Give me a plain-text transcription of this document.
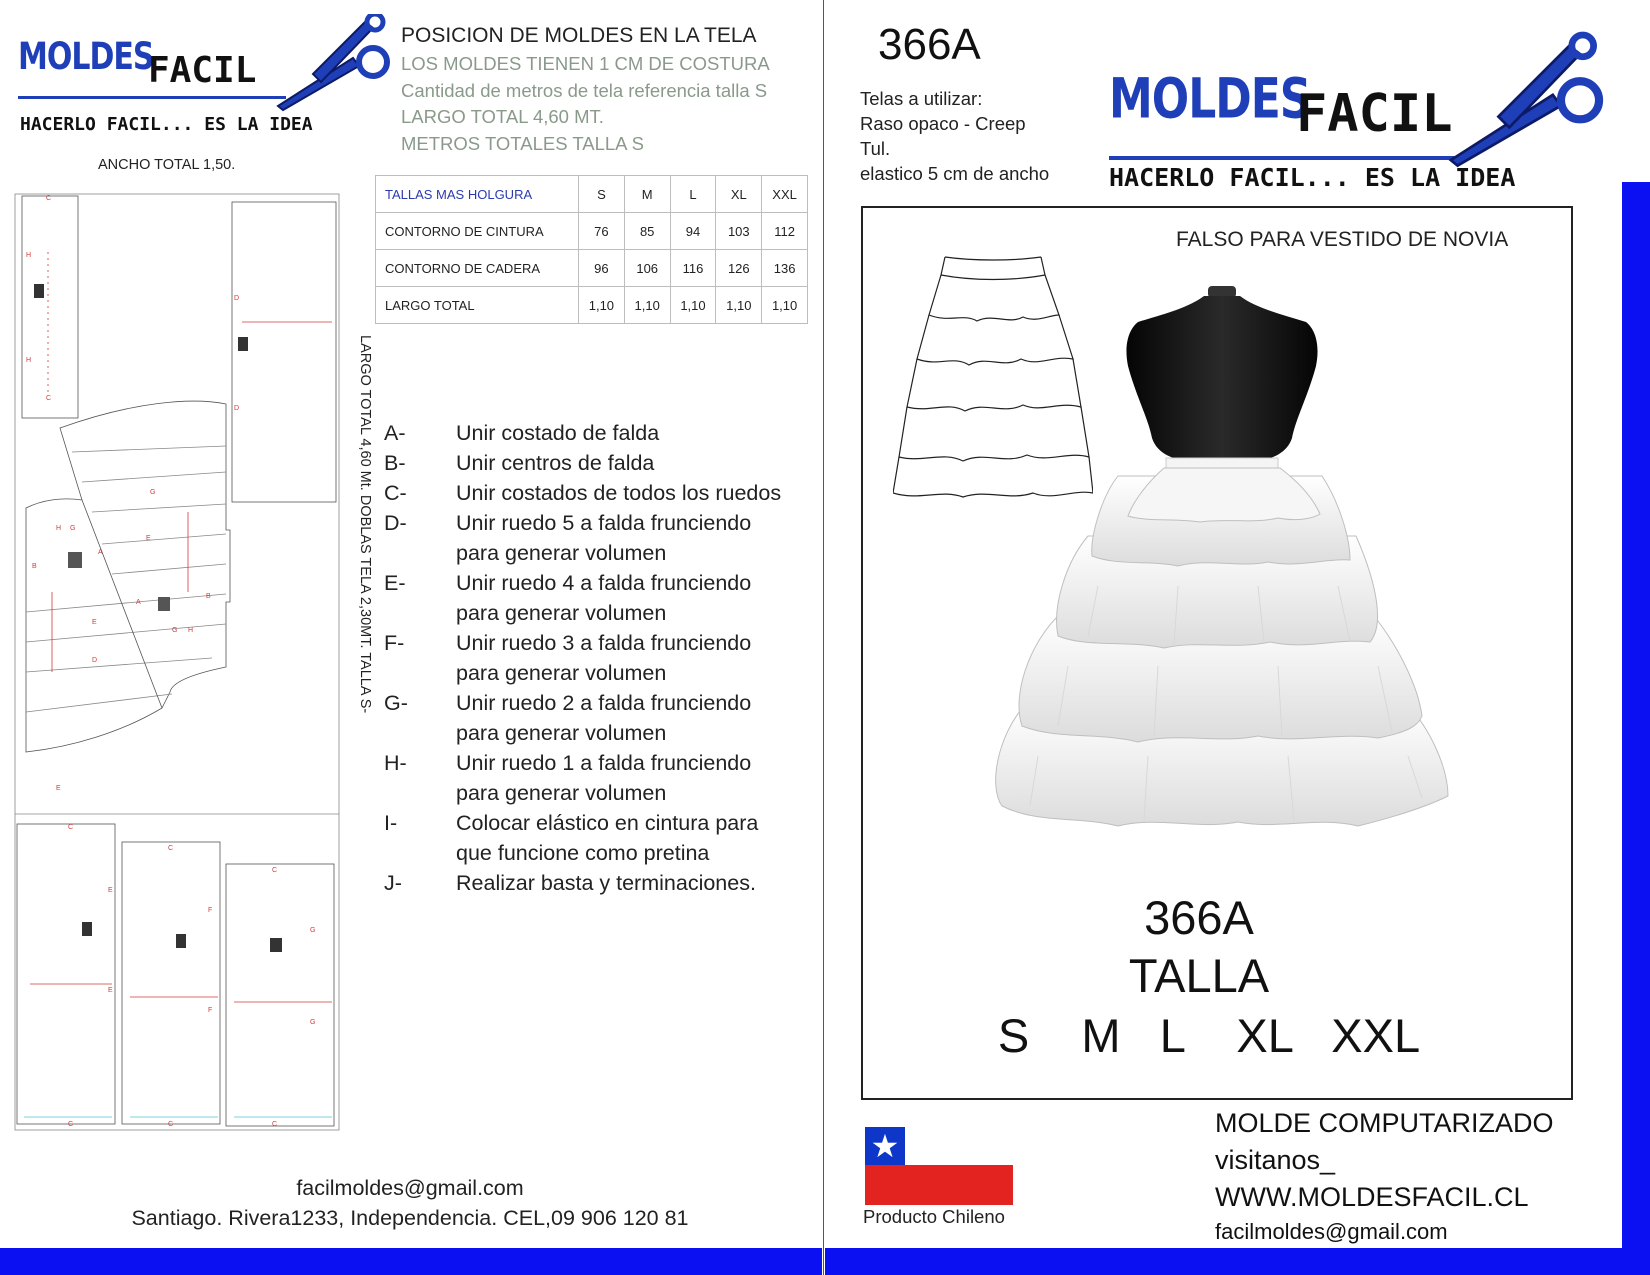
MOLDES
FACIL
HACERLO FACIL... ES LA IDEA
POSICION DE MOLDES EN LA TELA
LOS MOLDES TIENEN 1 CM DE COSTURA
Cantidad de metros de tela referencia talla S
LARGO TOTAL 4,60 MT.
METROS TOTALES TALLA S
ANCHO TOTAL 1,50.
C
H
H
C
D
D
G
E
A
B
A
B
E
G H
D
H G
E
C
E
E
C
F
F
C
G
G
C	C	C
LARGO TOTAL 4,60 Mt. DOBLAS TELA 2,30MT. TALLA S-
TALLAS MAS HOLGURA	S	M	L	XL	XXL
CONTORNO DE CINTURA	76	85	94	103	112
CONTORNO DE CADERA	96	106	116	126	136
LARGO TOTAL	1,10	1,10	1,10	1,10	1,10
A-	Unir costado de falda
B-	Unir centros de falda
C-	Unir costados de todos los ruedos
D-	Unir ruedo 5 a falda frunciendo para generar volumen
E-	Unir ruedo 4 a falda frunciendo para generar volumen
F-	Unir ruedo 3 a falda frunciendo para generar volumen
G-	Unir ruedo 2 a falda frunciendo para generar volumen
H-	Unir ruedo 1 a falda frunciendo para generar volumen
I-	Colocar elástico en cintura para que funcione como pretina
J-	Realizar basta y terminaciones.
facilmoldes@gmail.com
Santiago. Rivera1233, Independencia. CEL,09 906 120 81
366A
Telas a utilizar:
Raso opaco - Creep
Tul.
elastico 5 cm de ancho
MOLDES
FACIL
HACERLO FACIL... ES LA IDEA
FALSO PARA VESTIDO DE NOVIA
366A
TALLA
S    M   L    XL   XXL
★
Producto Chileno
MOLDE COMPUTARIZADO
visitanos_
WWW.MOLDESFACIL.CL
facilmoldes@gmail.com
